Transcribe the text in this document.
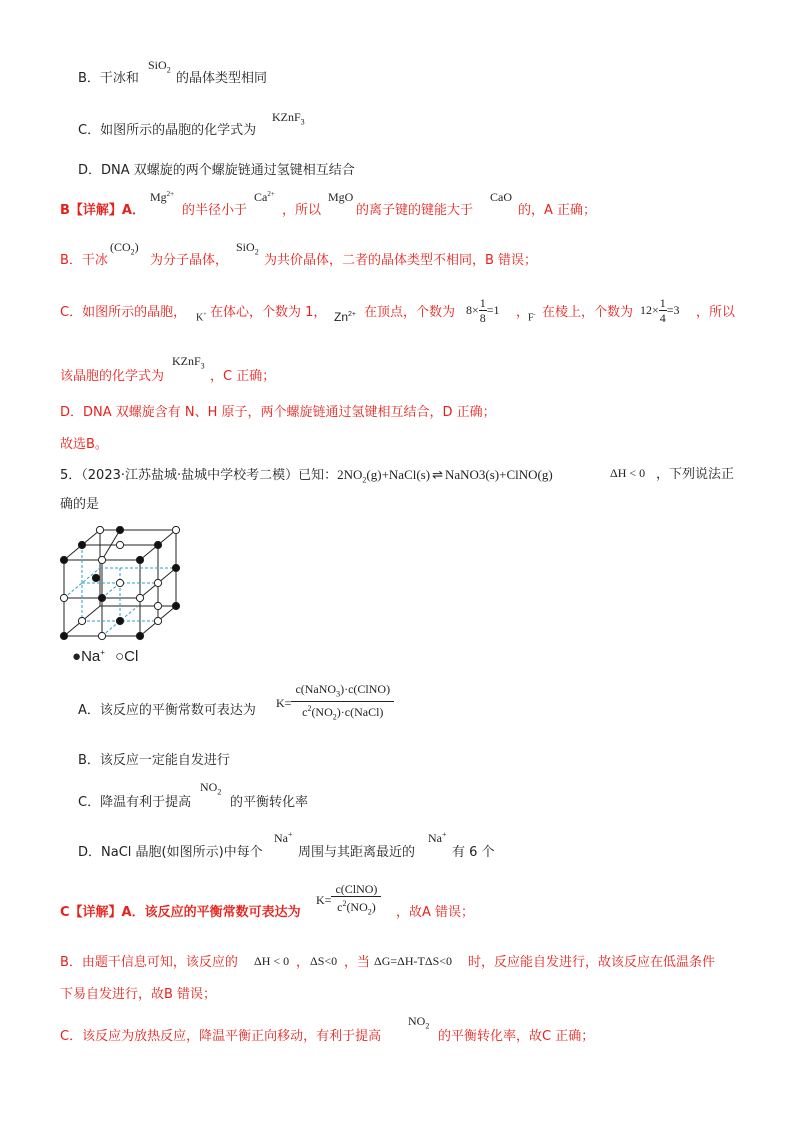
B．干冰和
SiO$_2$
的晶体类型相同
C．如图所示的晶胞的化学式为
KZnF$_3$
D．DNA 双螺旋的两个螺旋链通过氢键相互结合
B【详解】A．
$Mg^{2+}$
的半径小于
$Ca^{2+}$
，所以
MgO
的离子键的键能大于
CaO
的，A 正确；
B．干冰
$(CO_2)$
为分子晶体，
SiO$_2$
为共价晶体，二者的晶体类型不相同，B 错误；
C．如图所示的晶胞， K+ 在体心，个数为 1， $Zn^{2+}$ 在顶点，个数为 $8\times \frac{1}{8} =1$ ，
F- 在棱上，个数为 $12\times \frac{1}{4} =3$ ，所以
该晶胞的化学式为
KZnF$_3$
，C 正确；
D．DNA 双螺旋含有 N、H 原子，两个螺旋链通过氢键相互结合，D 正确；
故选B。
5．（2023·江苏盐城·盐城中学校考二模）已知：$2NO_2(g)+NaCl(s)$ ⇌ NaNO3(s)+ClNO(g)	ΔH < 0 ，下列说法正
确的是
●Na+ ○Cl
A．该反应的平衡常数可表达为
$K= \frac{c(NaNO_3)\cdot c(ClNO)}{c^2(NO_2)\cdot c(NaCl)}$
B．该反应一定能自发进行
C．降温有利于提高
$NO_2$
的平衡转化率
D．NaCl 晶胞(如图所示)中每个
Na+
周围与其距离最近的
Na+
有 6 个
C【详解】A．该反应的平衡常数可表达为
$K= \frac{\text{c(ClNO)}}{c^2(NO_2)}$ ，故A 错误；
B．由题干信息可知，该反应的 ΔH < 0 ， ΔS<0 ，当 ΔG=ΔH-TΔS<0 时，反应能自发进行，故该反应在低温条件
下易自发进行，故B 错误；
C．该反应为放热反应，降温平衡正向移动，有利于提高
$NO_2$
的平衡转化率，故C 正确；
